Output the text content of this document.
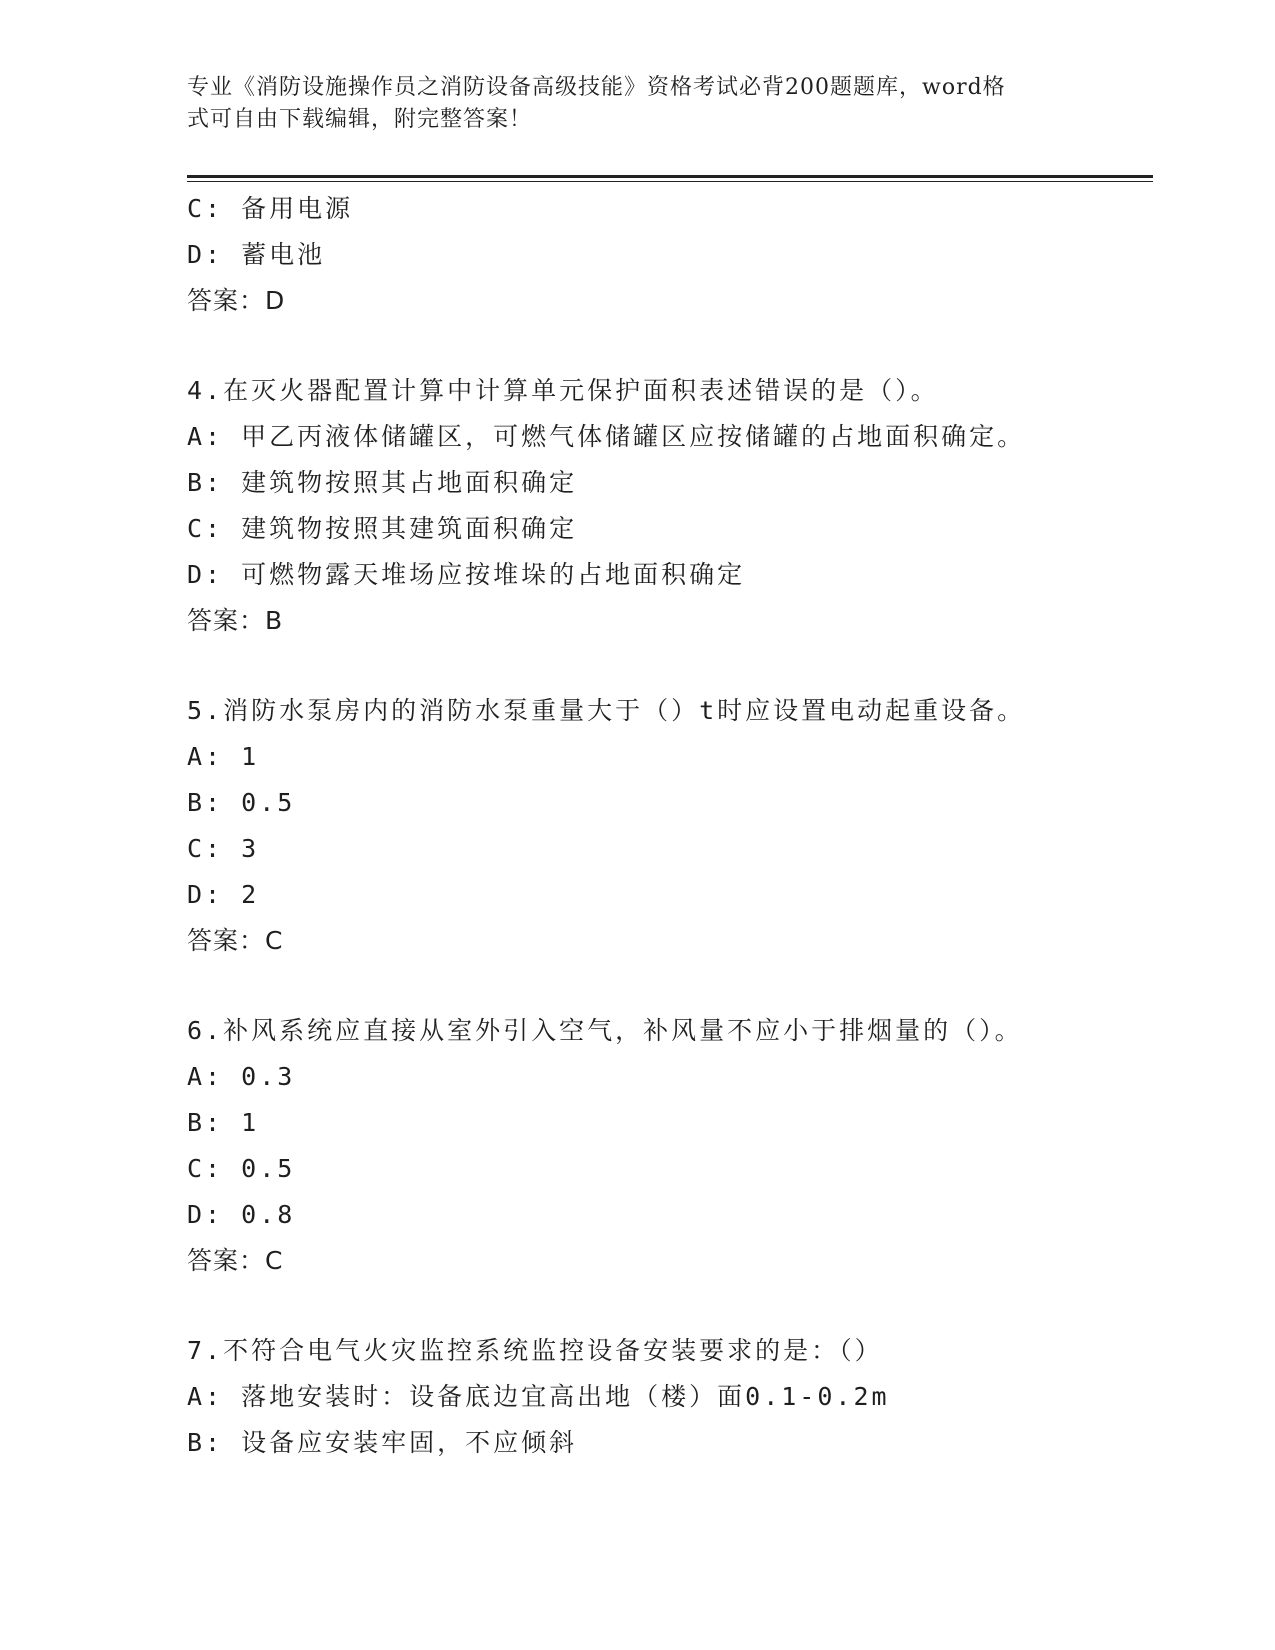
专业《消防设施操作员之消防设备高级技能》资格考试必背200题题库，word格
式可自由下载编辑，附完整答案！
C: 备用电源
D: 蓄电池
答案：D
4.在灭火器配置计算中计算单元保护面积表述错误的是（）。
A: 甲乙丙液体储罐区，可燃气体储罐区应按储罐的占地面积确定。
B: 建筑物按照其占地面积确定
C: 建筑物按照其建筑面积确定
D: 可燃物露天堆场应按堆垛的占地面积确定
答案：B
5.消防水泵房内的消防水泵重量大于（）t时应设置电动起重设备。
A: 1
B: 0.5
C: 3
D: 2
答案：C
6.补风系统应直接从室外引入空气，补风量不应小于排烟量的（）。
A: 0.3
B: 1
C: 0.5
D: 0.8
答案：C
7.不符合电气火灾监控系统监控设备安装要求的是：（）
A: 落地安装时：设备底边宜高出地（楼）面0.1-0.2m
B: 设备应安装牢固，不应倾斜
